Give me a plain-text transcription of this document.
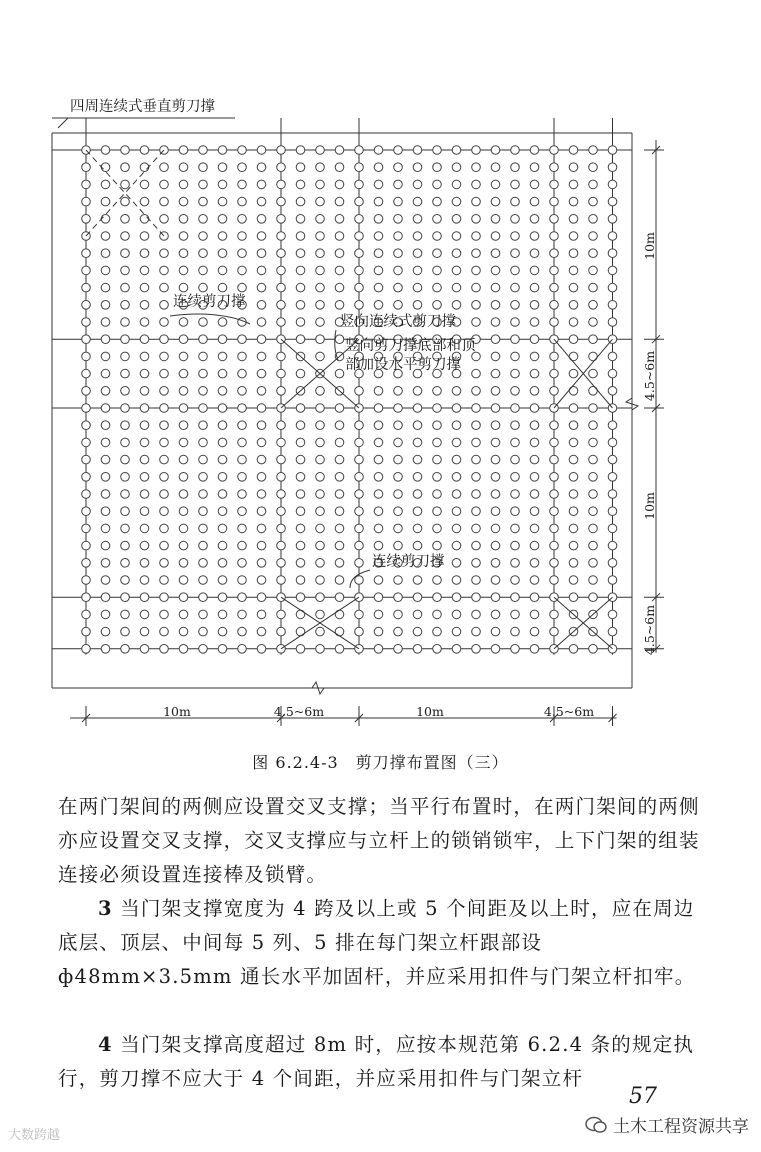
四周连续式垂直剪刀撑
连续剪刀撑
竖向连续式剪刀撑
竖向剪刀撑底部和顶
部加设水平剪刀撑
连续剪刀撑
10m	4.5~6m	10m	4.5~6m
10m
4.5~6m
10m
4.5~6m
图 6.2.4-3　剪刀撑布置图（三）
在两门架间的两侧应设置交叉支撑；当平行布置时，在两门架间的两侧亦应设置交叉支撑，交叉支撑应与立杆上的锁销锁牢，上下门架的组装连接必须设置连接棒及锁臂。
3 当门架支撑宽度为 4 跨及以上或 5 个间距及以上时，应在周边底层、顶层、中间每 5 列、5 排在每门架立杆跟部设ф48mm×3.5mm 通长水平加固杆，并应采用扣件与门架立杆扣牢。
4 当门架支撑高度超过 8m 时，应按本规范第 6.2.4 条的规定执行，剪刀撑不应大于 4 个间距，并应采用扣件与门架立杆
57
土木工程资源共享
大数跨越
